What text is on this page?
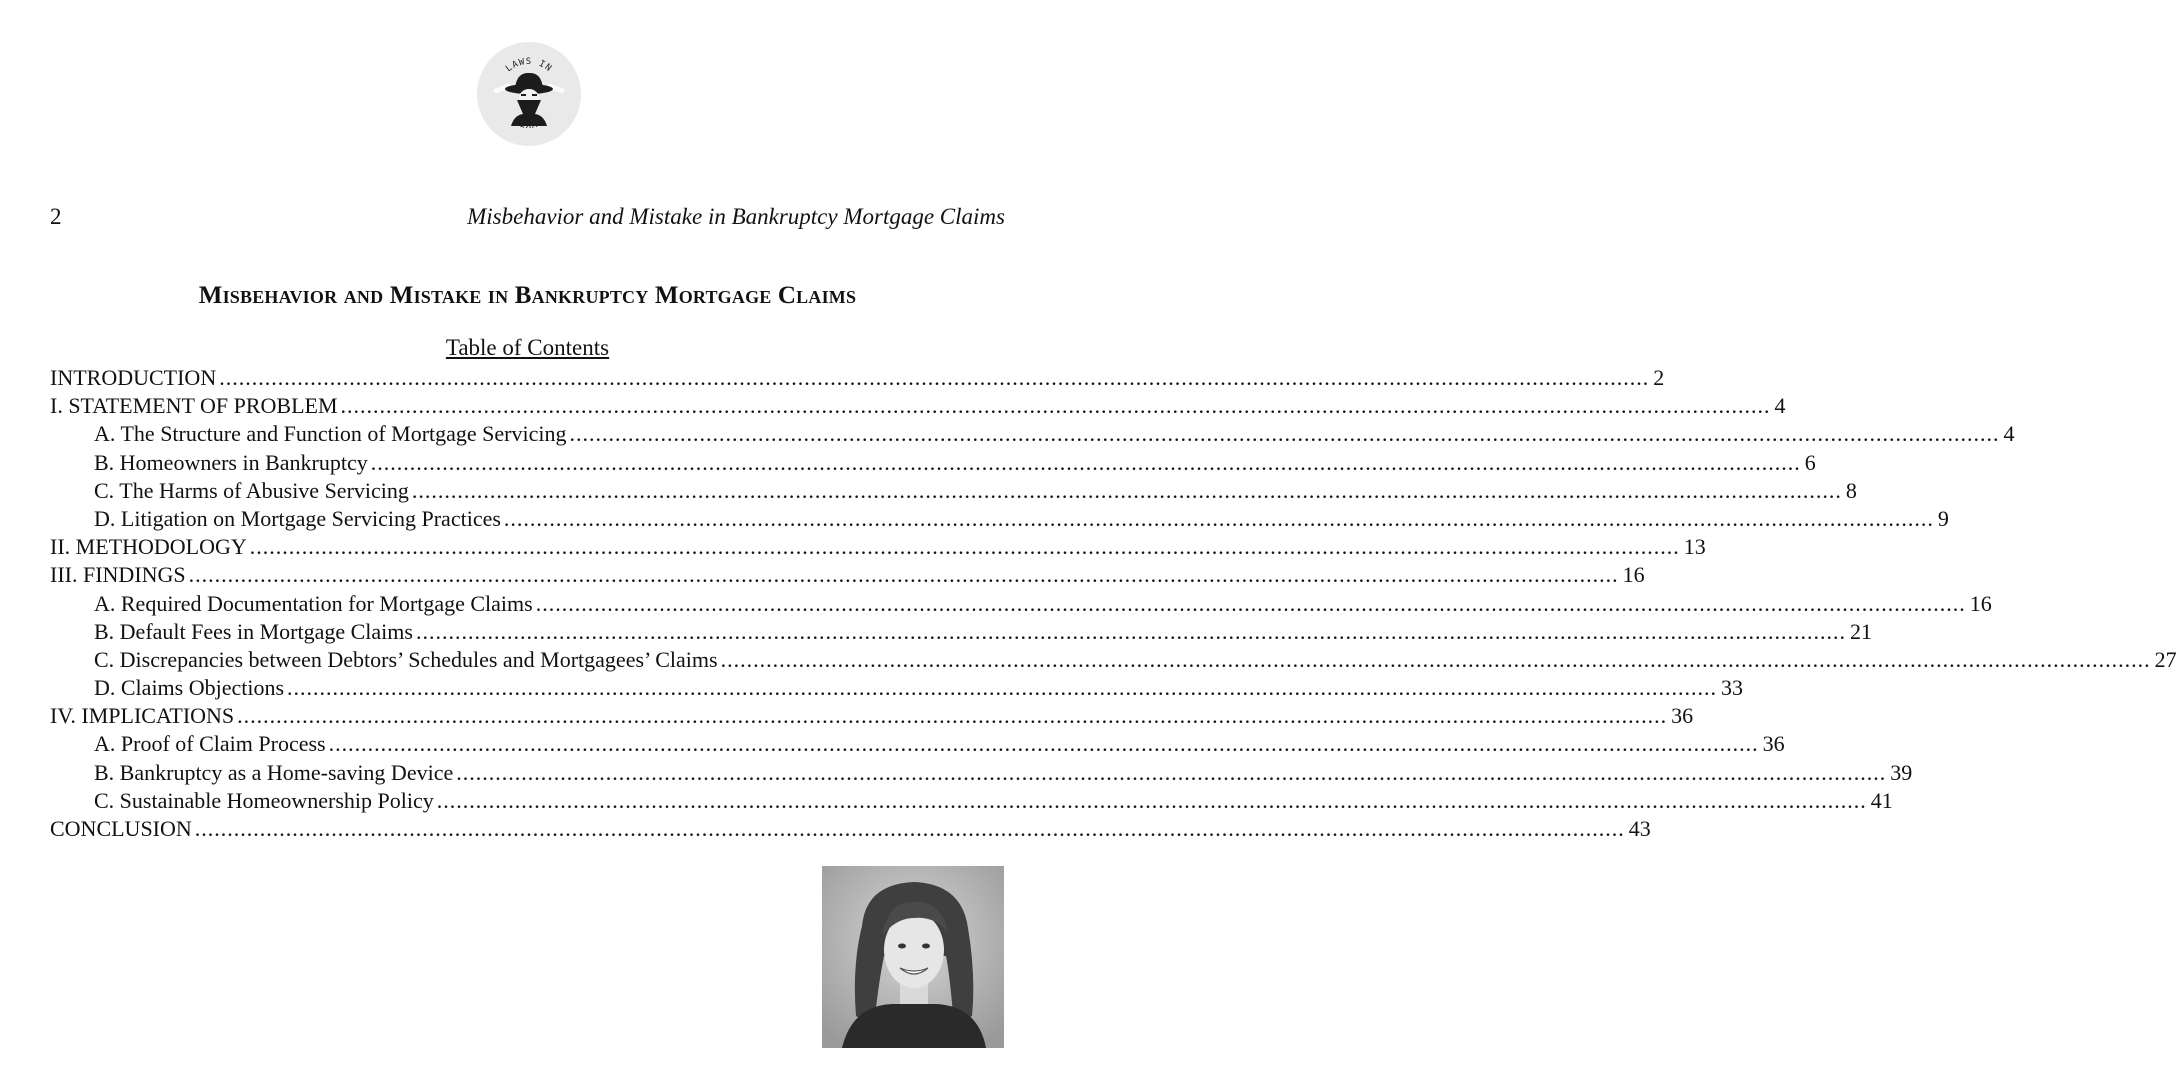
LAWS IN
2	Misbehavior and Mistake in Bankruptcy Mortgage Claims
Misbehavior and Mistake in Bankruptcy Mortgage Claims
Table of Contents
INTRODUCTION ............................................................................................................................................................................................................................ 2
I. STATEMENT OF PROBLEM ............................................................................................................................................................................................................................ 4
A. The Structure and Function of Mortgage Servicing ............................................................................................................................................................................................................................ 4
B. Homeowners in Bankruptcy ............................................................................................................................................................................................................................ 6
C. The Harms of Abusive Servicing ............................................................................................................................................................................................................................ 8
D. Litigation on Mortgage Servicing Practices ............................................................................................................................................................................................................................ 9
II. METHODOLOGY ............................................................................................................................................................................................................................ 13
III. FINDINGS ............................................................................................................................................................................................................................ 16
A. Required Documentation for Mortgage Claims ............................................................................................................................................................................................................................ 16
B. Default Fees in Mortgage Claims ............................................................................................................................................................................................................................ 21
C. Discrepancies between Debtors’ Schedules and Mortgagees’ Claims ............................................................................................................................................................................................................................ 27
D. Claims Objections ............................................................................................................................................................................................................................ 33
IV. IMPLICATIONS ............................................................................................................................................................................................................................ 36
A. Proof of Claim Process ............................................................................................................................................................................................................................ 36
B. Bankruptcy as a Home-saving Device ............................................................................................................................................................................................................................ 39
C. Sustainable Homeownership Policy ............................................................................................................................................................................................................................ 41
CONCLUSION ............................................................................................................................................................................................................................ 43
